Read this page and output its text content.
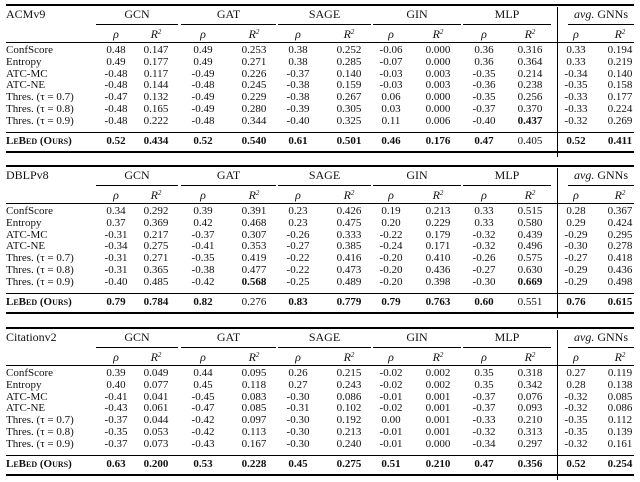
ACMv9	GCN	GAT	SAGE	GIN	MLP	avg. GNNs
ρ	$R^2$	ρ	$R^2$	ρ	$R^2$	ρ	$R^2$	ρ	$R^2$	ρ	$R^2$
ConfScore	0.48 0.147 0.49	0.253 0.38	0.252 -0.06 0.000 0.36 0.316 0.33 0.194
Entropy	0.49 0.177 0.49	0.271 0.38	0.285 -0.07 0.000 0.36 0.364 0.33 0.219
ATC-MC	-0.48 0.117 -0.49 0.226 -0.37 0.140 -0.03 0.003 -0.35 0.214 -0.34 0.140
ATC-NE	-0.48 0.144 -0.48 0.245 -0.38 0.159 -0.03 0.003 -0.36 0.238 -0.35 0.158
Thres. (τ = 0.7)	-0.47 0.132 -0.49 0.229 -0.38 0.267 0.06 0.000 -0.35 0.256 -0.33 0.177
Thres. (τ = 0.8)	-0.48 0.165 -0.49 0.280 -0.39 0.305 0.03 0.000 -0.37 0.370 -0.33 0.224
Thres. (τ = 0.9)	-0.48 0.222 -0.48 0.344 -0.40 0.325 0.11 0.006 -0.40 0.437 -0.32 0.269
LeBed (Ours)	0.52 0.434 0.52	0.540 0.61	0.501 0.46 0.176 0.47 0.405 0.52 0.411
DBLPv8	GCN	GAT	SAGE	GIN	MLP	avg. GNNs
ρ	$R^2$	ρ	$R^2$	ρ	$R^2$	ρ	$R^2$	ρ	$R^2$	ρ	$R^2$
ConfScore	0.34 0.292 0.39	0.391 0.23	0.426 0.19 0.213 0.33 0.515 0.28 0.367
Entropy	0.37 0.369 0.42	0.468 0.23	0.475 0.20 0.229 0.33 0.580 0.29 0.424
ATC-MC	-0.31 0.217 -0.37 0.307 -0.26 0.333 -0.22 0.179 -0.32 0.439 -0.29 0.295
ATC-NE	-0.34 0.275 -0.41 0.353 -0.27 0.385 -0.24 0.171 -0.32 0.496 -0.30 0.278
Thres. (τ = 0.7)	-0.31 0.271 -0.35 0.419 -0.22 0.416 -0.20 0.410 -0.26 0.575 -0.27 0.418
Thres. (τ = 0.8)	-0.31 0.365 -0.38 0.477 -0.22 0.473 -0.20 0.436 -0.27 0.630 -0.29 0.436
Thres. (τ = 0.9)	-0.40 0.485 -0.42 0.568 -0.25 0.489 -0.20 0.398 -0.30 0.669 -0.29 0.498
LeBed (Ours)	0.79 0.784 0.82	0.276 0.83	0.779 0.79 0.763 0.60 0.551 0.76 0.615
Citationv2	GCN	GAT	SAGE	GIN	MLP	avg. GNNs
ρ	$R^2$	ρ	$R^2$	ρ	$R^2$	ρ	$R^2$	ρ	$R^2$	ρ	$R^2$
ConfScore	0.39 0.049 0.44	0.095 0.26	0.215 -0.02 0.002 0.35 0.318 0.27 0.119
Entropy	0.40 0.077 0.45	0.118 0.27	0.243 -0.02 0.002 0.35 0.342 0.28 0.138
ATC-MC	-0.41 0.041 -0.45 0.083 -0.30 0.086 -0.01 0.001 -0.37 0.076 -0.32 0.085
ATC-NE	-0.43 0.061 -0.47 0.085 -0.31 0.102 -0.02 0.001 -0.37 0.093 -0.32 0.086
Thres. (τ = 0.7)	-0.37 0.044 -0.42 0.097 -0.30 0.192 0.00 0.001 -0.33 0.210 -0.35 0.112
Thres. (τ = 0.8)	-0.35 0.053 -0.42 0.113 -0.30 0.213 -0.01 0.001 -0.32 0.313 -0.35 0.139
Thres. (τ = 0.9)	-0.37 0.073 -0.43 0.167 -0.30 0.240 -0.01 0.000 -0.34 0.297 -0.32 0.161
LeBed (Ours)	0.63 0.200 0.53	0.228 0.45	0.275 0.51 0.210 0.47 0.356 0.52 0.254
